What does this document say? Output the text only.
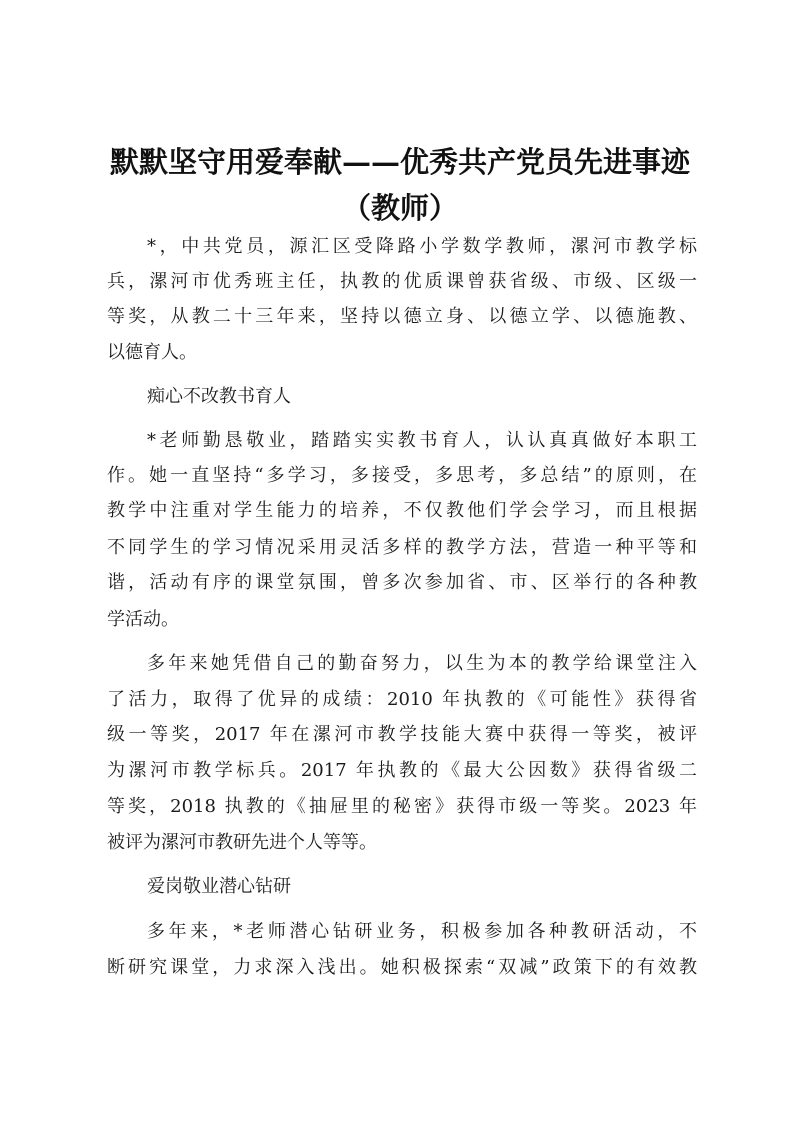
默默坚守用爱奉献——优秀共产党员先进事迹
（教师）
*，中共党员，源汇区受降路小学数学教师，漯河市教学标
兵，漯河市优秀班主任，执教的优质课曾获省级、市级、区级一
等奖，从教二十三年来，坚持以德立身、以德立学、以德施教、
以德育人。
痴心不改教书育人
*老师勤恳敬业，踏踏实实教书育人，认认真真做好本职工
作。她一直坚持“多学习，多接受，多思考，多总结”的原则，在
教学中注重对学生能力的培养，不仅教他们学会学习，而且根据
不同学生的学习情况采用灵活多样的教学方法，营造一种平等和
谐，活动有序的课堂氛围，曾多次参加省、市、区举行的各种教
学活动。
多年来她凭借自己的勤奋努力，以生为本的教学给课堂注入
了活力，取得了优异的成绩：2010 年执教的《可能性》获得省
级一等奖，2017 年在漯河市教学技能大赛中获得一等奖，被评
为漯河市教学标兵。2017 年执教的《最大公因数》获得省级二
等奖，2018 执教的《抽屉里的秘密》获得市级一等奖。2023 年
被评为漯河市教研先进个人等等。
爱岗敬业潜心钻研
多年来，*老师潜心钻研业务，积极参加各种教研活动，不
断研究课堂，力求深入浅出。她积极探索“双减”政策下的有效教
